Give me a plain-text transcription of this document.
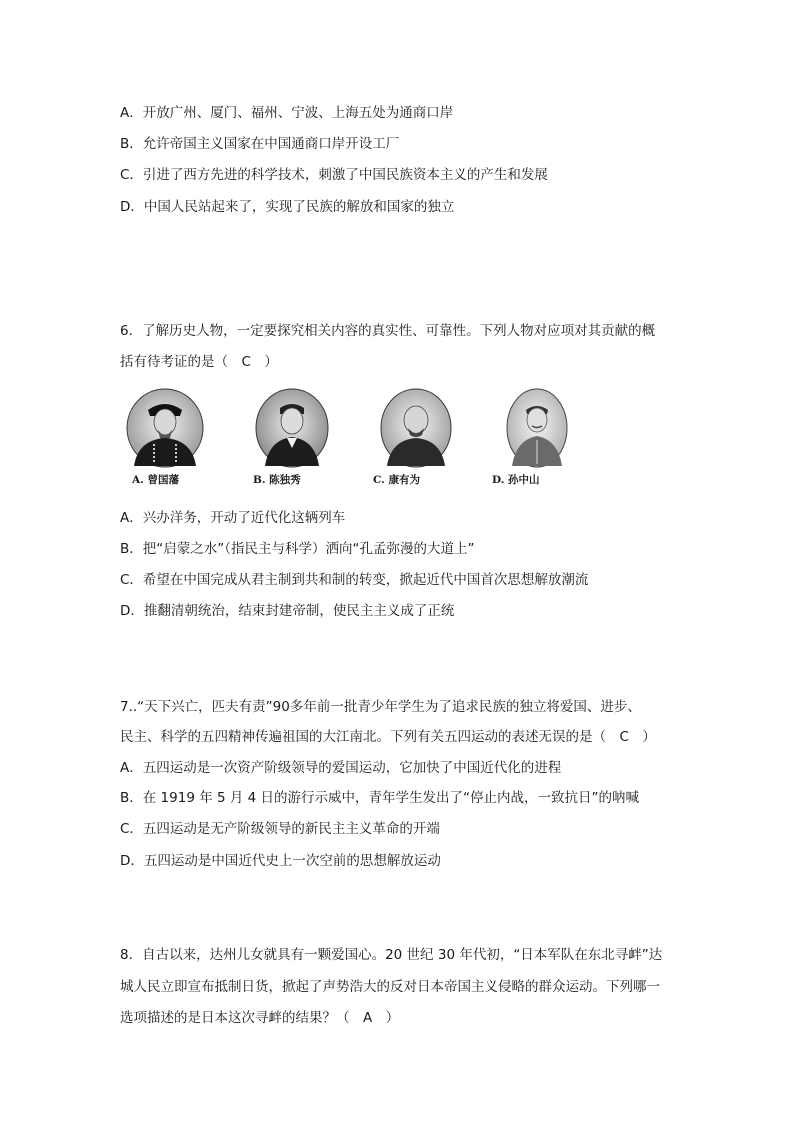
A．开放广州、厦门、福州、宁波、上海五处为通商口岸
B．允许帝国主义国家在中国通商口岸开设工厂
C．引进了西方先进的科学技术，刺激了中国民族资本主义的产生和发展
D．中国人民站起来了，实现了民族的解放和国家的独立
6．了解历史人物，一定要探究相关内容的真实性、可靠性。下列人物对应项对其贡献的概
括有待考证的是（　C　）
A. 曾国藩	B. 陈独秀	C. 康有为	D. 孙中山
A．兴办洋务，开动了近代化这辆列车
B．把“启蒙之水”（指民主与科学）洒向“孔孟弥漫的大道上”
C．希望在中国完成从君主制到共和制的转变，掀起近代中国首次思想解放潮流
D．推翻清朝统治，结束封建帝制，使民主主义成了正统
7..“天下兴亡，匹夫有责”90多年前一批青少年学生为了追求民族的独立将爱国、进步、
民主、科学的五四精神传遍祖国的大江南北。下列有关五四运动的表述无误的是（　C　）
A．五四运动是一次资产阶级领导的爱国运动，它加快了中国近代化的进程
B．在 1919 年 5 月 4 日的游行示威中，青年学生发出了“停止内战，一致抗日”的呐喊
C．五四运动是无产阶级领导的新民主主义革命的开端
D．五四运动是中国近代史上一次空前的思想解放运动
8．自古以来，达州儿女就具有一颗爱国心。20 世纪 30 年代初，“日本军队在东北寻衅”达
城人民立即宣布抵制日货，掀起了声势浩大的反对日本帝国主义侵略的群众运动。下列哪一
选项描述的是日本这次寻衅的结果？（　A　）
